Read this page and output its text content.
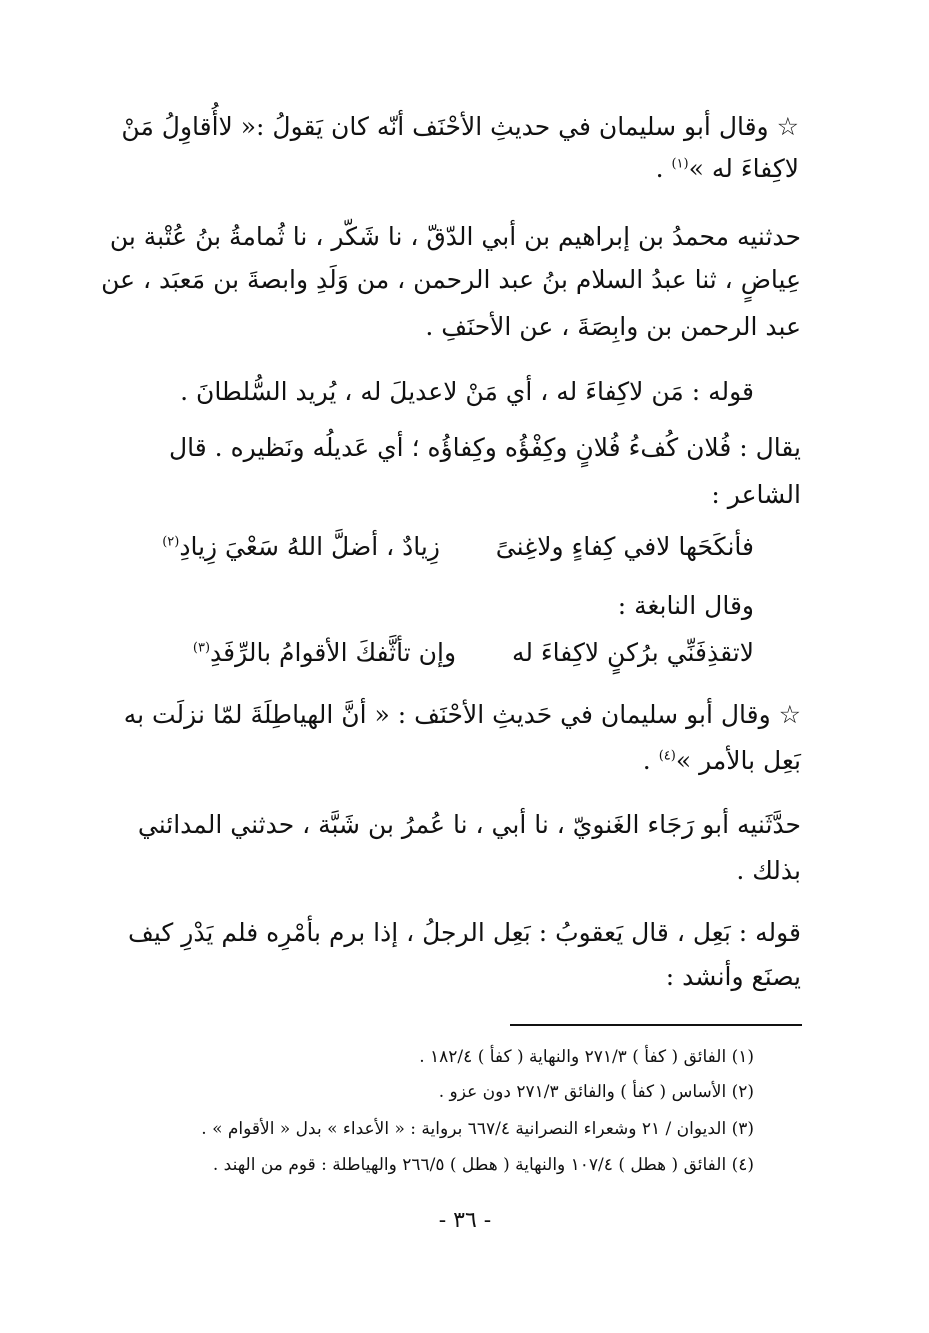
☆ وقال أبو سليمان في حديثِ الأحْنَف أنّه كان يَقولُ :« لاأُقاوِلُ مَنْ
لاكِفاءَ له »$^{(١)}$ .
حدثنيه محمدُ بن إبراهيم بن أبي الدّقّ ، نا شَكّر ، نا ثُمامةُ بنُ عُتْبة بن
عِياضٍ ، ثنا عبدُ السلام بنُ عبد الرحمن ، من وَلَدِ وابصةَ بن مَعبَد ، عن
عبد الرحمن بن وابِصَةَ ، عن الأحنَفِ .
قوله : مَن لاكِفاءَ له ، أي مَنْ لاعديلَ له ، يُريد السُّلطانَ .
يقال : فُلان كُفءُ فُلانٍ وكِفْؤُه وكِفاؤُه ؛ أي عَديلُه ونَظيره . قال
الشاعر :
فأنكَحَها لافي كِفاءٍ ولاغِنىً  زِيادٌ ، أضلَّ اللهُ سَعْيَ زِيادِ$^{(٢)}$
وقال النابغة :
لاتقذِفَنِّي برُكنٍ لاكِفاءَ له  وإن تأثَّفكَ الأقوامُ بالرِّفَدِ$^{(٣)}$
☆ وقال أبو سليمان في حَديثِ الأحْنَف : « أنَّ الهياطِلَةَ لمّا نزلَت به
بَعِل بالأمر »$^{(٤)}$ .
حدَّثَنيه أبو رَجَاء الغَنويّ ، نا أبي ، نا عُمرُ بن شَبَّة ، حدثني المدائني
بذلك .
قوله : بَعِل ، قال يَعقوبُ : بَعِل الرجلُ ، إذا برم بأمْرِه فلم يَدْرِ كيف
يصنَع وأنشد :
(١) الفائق ( كفأ ) ٢٧١/٣ والنهاية ( كفأ ) ١٨٢/٤ .
(٢) الأساس ( كفأ ) والفائق ٢٧١/٣ دون عزو .
(٣) الديوان / ٢١ وشعراء النصرانية ٦٦٧/٤ برواية : « الأعداء » بدل « الأقوام » .
(٤) الفائق ( هطل ) ١٠٧/٤ والنهاية ( هطل ) ٢٦٦/٥ والهياطلة : قوم من الهند .
- ٣٦ -
